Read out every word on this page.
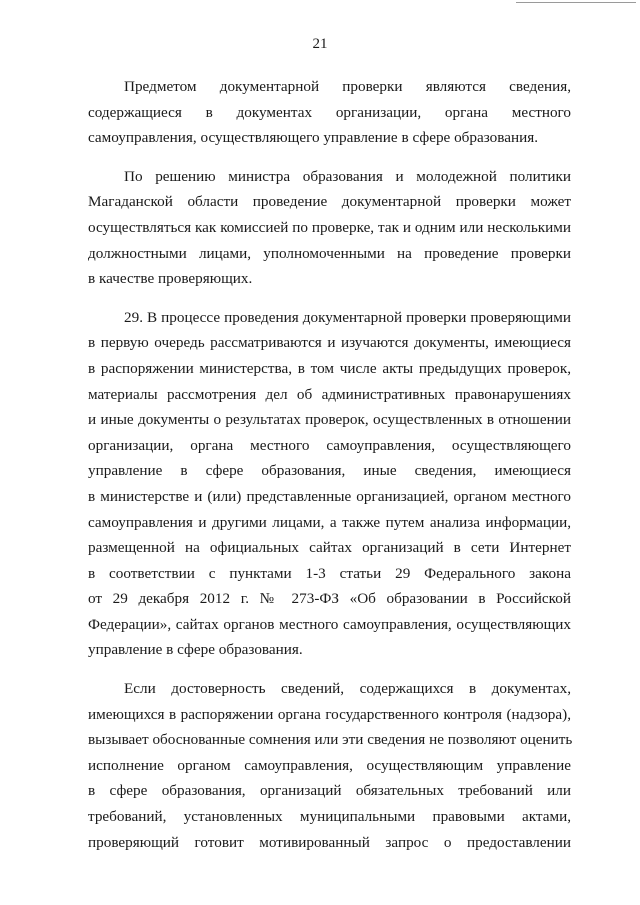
21
Предметом документарной проверки являются сведения,
содержащиеся в документах организации, органа местного
самоуправления, осуществляющего управление в сфере образования.
По решению министра образования и молодежной политики
Магаданской области проведение документарной проверки может
осуществляться как комиссией по проверке, так и одним или несколькими
должностными лицами, уполномоченными на проведение проверки
в качестве проверяющих.
29. В процессе проведения документарной проверки проверяющими
в первую очередь рассматриваются и изучаются документы, имеющиеся
в распоряжении министерства, в том числе акты предыдущих проверок,
материалы рассмотрения дел об административных правонарушениях
и иные документы о результатах проверок, осуществленных в отношении
организации, органа местного самоуправления, осуществляющего
управление в сфере образования, иные сведения, имеющиеся
в министерстве и (или) представленные организацией, органом местного
самоуправления и другими лицами, а также путем анализа информации,
размещенной на официальных сайтах организаций в сети Интернет
в соответствии с пунктами 1-3 статьи 29 Федерального закона
от 29 декабря 2012 г. № 273-ФЗ «Об образовании в Российской
Федерации», сайтах органов местного самоуправления, осуществляющих
управление в сфере образования.
Если достоверность сведений, содержащихся в документах,
имеющихся в распоряжении органа государственного контроля (надзора),
вызывает обоснованные сомнения или эти сведения не позволяют оценить
исполнение органом самоуправления, осуществляющим управление
в сфере образования, организаций обязательных требований или
требований, установленных муниципальными правовыми актами,
проверяющий готовит мотивированный запрос о предоставлении
